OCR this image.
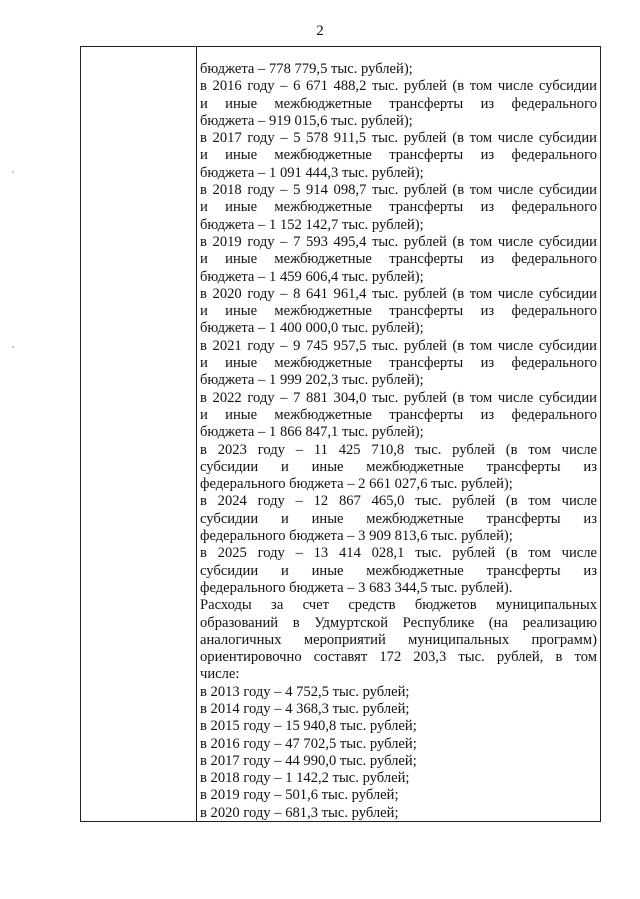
2
бюджета – 778 779,5 тыс. рублей);
в 2016 году – 6 671 488,2 тыс. рублей (в том числе субсидии
и иные межбюджетные трансферты из федерального
бюджета – 919 015,6 тыс. рублей);
в 2017 году – 5 578 911,5 тыс. рублей (в том числе субсидии
и иные межбюджетные трансферты из федерального
бюджета – 1 091 444,3 тыс. рублей);
в 2018 году – 5 914 098,7 тыс. рублей (в том числе субсидии
и иные межбюджетные трансферты из федерального
бюджета – 1 152 142,7 тыс. рублей);
в 2019 году – 7 593 495,4 тыс. рублей (в том числе субсидии
и иные межбюджетные трансферты из федерального
бюджета – 1 459 606,4 тыс. рублей);
в 2020 году – 8 641 961,4 тыс. рублей (в том числе субсидии
и иные межбюджетные трансферты из федерального
бюджета – 1 400 000,0 тыс. рублей);
в 2021 году – 9 745 957,5 тыс. рублей (в том числе субсидии
и иные межбюджетные трансферты из федерального
бюджета – 1 999 202,3 тыс. рублей);
в 2022 году – 7 881 304,0 тыс. рублей (в том числе субсидии
и иные межбюджетные трансферты из федерального
бюджета – 1 866 847,1 тыс. рублей);
в 2023 году – 11 425 710,8 тыс. рублей (в том числе
субсидии и иные межбюджетные трансферты из
федерального бюджета – 2 661 027,6 тыс. рублей);
в 2024 году – 12 867 465,0 тыс. рублей (в том числе
субсидии и иные межбюджетные трансферты из
федерального бюджета – 3 909 813,6 тыс. рублей);
в 2025 году – 13 414 028,1 тыс. рублей (в том числе
субсидии и иные межбюджетные трансферты из
федерального бюджета – 3 683 344,5 тыс. рублей).
Расходы за счет средств бюджетов муниципальных
образований в Удмуртской Республике (на реализацию
аналогичных мероприятий муниципальных программ)
ориентировочно составят 172 203,3 тыс. рублей, в том
числе:
в 2013 году – 4 752,5 тыс. рублей;
в 2014 году – 4 368,3 тыс. рублей;
в 2015 году – 15 940,8 тыс. рублей;
в 2016 году – 47 702,5 тыс. рублей;
в 2017 году – 44 990,0 тыс. рублей;
в 2018 году – 1 142,2 тыс. рублей;
в 2019 году – 501,6 тыс. рублей;
в 2020 году – 681,3 тыс. рублей;
